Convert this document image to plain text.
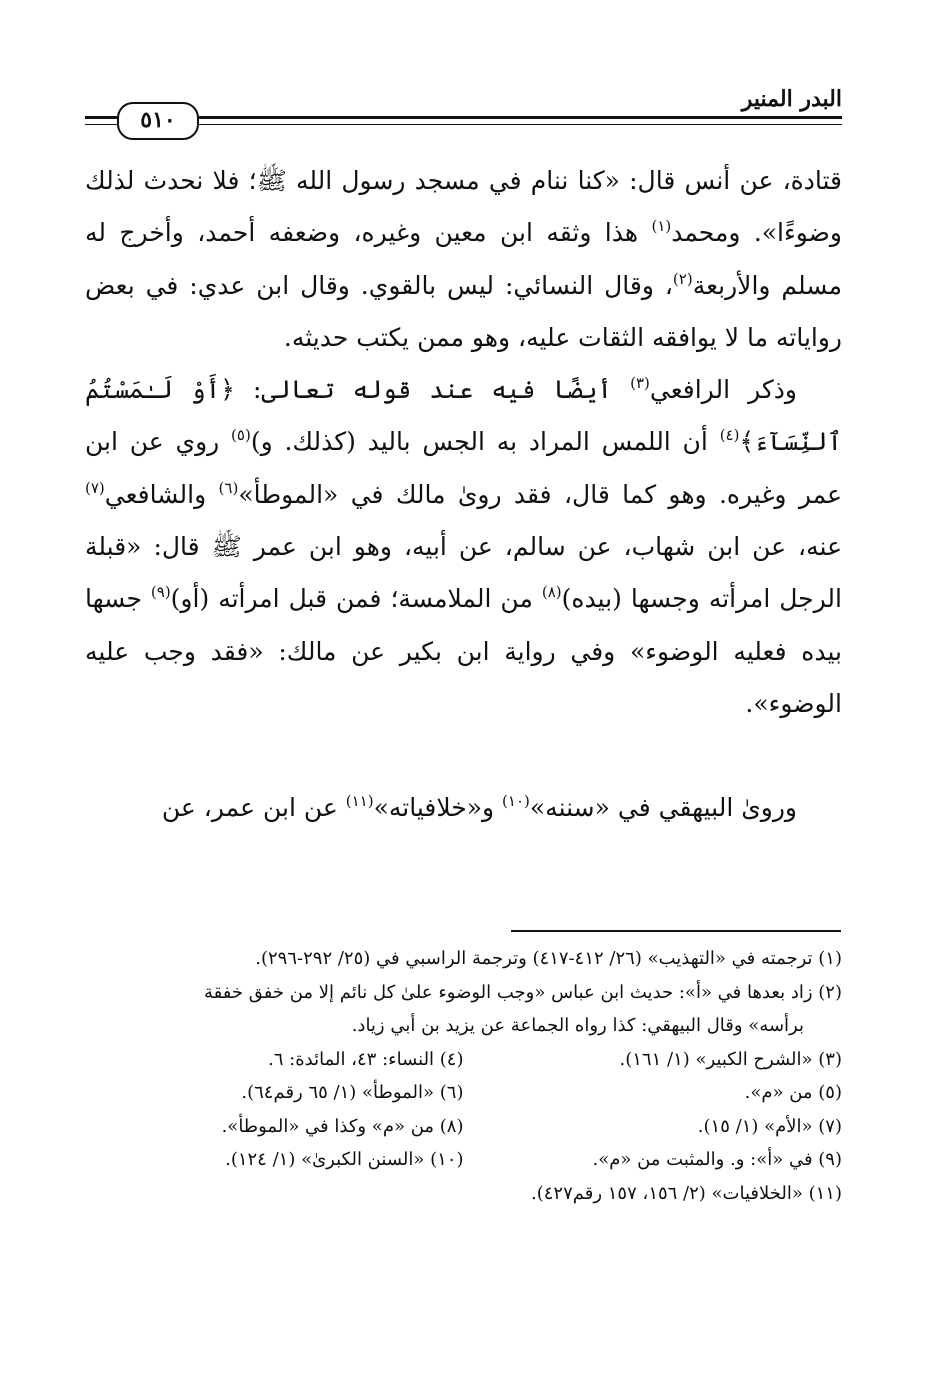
البدر المنير
٥١٠

قتادة، عن أنس قال: «كنا ننام في مسجد رسول الله ﷺ؛ فلا نحدث لذلك وضوءًا». ومحمد$^{(١)}$ هذا وثقه ابن معين وغيره، وضعفه أحمد، وأخرج له مسلم والأربعة$^{(٢)}$، وقال النسائي: ليس بالقوي. وقال ابن عدي: في بعض رواياته ما لا يوافقه الثقات عليه، وهو ممن يكتب حديثه.

وذكر الرافعي$^{(٣)}$ أيضًا فيه عند قوله تعالى: ﴿أَوْ لَـٰمَسْتُمُ ٱلنِّسَآءَ﴾$^{(٤)}$ أن اللمس المراد به الجس باليد (كذلك. و)$^{(٥)}$ روي عن ابن عمر وغيره. وهو كما قال، فقد روىٰ مالك في «الموطأ»$^{(٦)}$ والشافعي$^{(٧)}$ عنه، عن ابن شهاب، عن سالم، عن أبيه، وهو ابن عمر ﷺ قال: «قبلة الرجل امرأته وجسها (بيده)$^{(٨)}$ من الملامسة؛ فمن قبل امرأته (أو)$^{(٩)}$ جسها بيده فعليه الوضوء» وفي رواية ابن بكير عن مالك: «فقد وجب عليه الوضوء».

وروىٰ البيهقي في «سننه»$^{(١٠)}$ و«خلافياته»$^{(١١)}$ عن ابن عمر، عن

(١) ترجمته في «التهذيب» (٢٦/ ٤١٢-٤١٧) وترجمة الراسبي في (٢٥/ ٢٩٢-٢٩٦).

(٢) زاد بعدها في «أ»: حديث ابن عباس «وجب الوضوء علىٰ كل نائم إلا من خفق خفقة

برأسه» وقال البيهقي: كذا رواه الجماعة عن يزيد بن أبي زياد.

(٣) «الشرح الكبير» (١/ ١٦١).

(٤) النساء: ٤٣، المائدة: ٦.

(٥) من «م».

(٦) «الموطأ» (١/ ٦٥ رقم٦٤).

(٧) «الأم» (١/ ١٥).

(٨) من «م» وكذا في «الموطأ».

(٩) في «أ»: و. والمثبت من «م».

(١٠) «السنن الكبرىٰ» (١/ ١٢٤).

(١١) «الخلافيات» (٢/ ١٥٦، ١٥٧ رقم٤٢٧).
